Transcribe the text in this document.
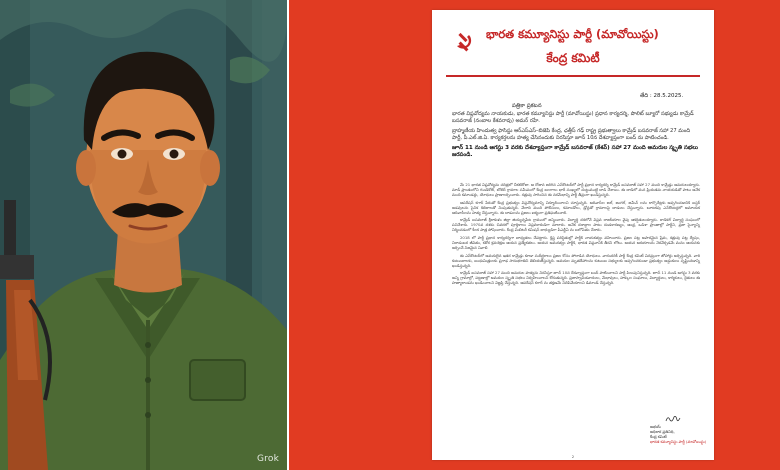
Grok
భారత కమ్యూనిస్టు పార్టీ (మావోయిస్టు)
కేంద్ర కమిటీ
తేది : 28.5.2025.
పత్రికా ప్రకటన

భారత విప్లవోద్యమ నాయకుడు, భారత కమ్యూనిస్టు పార్టీ (మావోయిస్టు) ప్రధాన కార్యదర్శి, పొలిట్ బ్యూరో సభ్యుడు కామ్రేడ్ బసవరాజ్ (నంబాల కేశవరావు) అమర్ రహే.

బ్రాహ్మణీయ హిందుత్వ ఫాసిస్టు ఆర్ఎస్ఎస్–బిజెపి కేంద్ర, ఛత్తీస్ గఢ్ రాష్ట్ర ప్రభుత్వాలు కామ్రేడ్ బసవరాజ్ సహా 27 మంది పార్టీ, పీ.ఎల్.జి.ఏ. కార్యకర్తలను హత్య చేసినందుకు నిరసిస్తూ జూన్ 10న దేశవ్యాప్తంగా బంద్ ను పాటించండి.

జూన్ 11 నుండి ఆగస్టు 3 వరకు దేశవ్యాప్తంగా కామ్రేడ్ బసవరాజ్ (కేశవ్) సహా 27 మంది అమరుల స్మృతి సభలు జరపండి.

మే 21 భారత విప్లవోద్యమ చరిత్రలో చీకటిరోజు. ఆ రోజున జరిగిన ఎన్‌కౌంటర్‌లో పార్టీ ప్రధాన కార్యదర్శి కామ్రేడ్ బసవరాజ్ సహా 27 మంది కామ్రేడ్లు అమరులయ్యారు. మాడ్ ప్రాంతంలోని గుండెకోట్, బోటెర్ గ్రామాల సమీపంలో కేంద్ర బలగాలు భారీ సంఖ్యలో చుట్టుముట్టి దాడి చేశాయి. ఈ దాడిలో మన ప్రియతమ నాయకుడితో పాటు అనేక మంది కమాండర్లు, యోధులు ప్రాణాలర్పించారు. శత్రువు సాగించిన ఈ నరమేధాన్ని పార్టీ తీవ్రంగా ఖండిస్తున్నది.

ఆపరేషన్ కగార్ పేరుతో కేంద్ర ప్రభుత్వం విప్లవోద్యమాన్ని నిర్మూలించాలని చూస్తున్నది. ఆదివాసీల జల్, జంగల్, జమీన్ లను కార్పొరేట్లకు అప్పగించడానికి బస్తర్ అడవులను సైనిక శిబిరాలతో నింపుతున్నది. వేలాది మంది పోలీసులు, కమాండోలు, డ్రోన్లతో గ్రామాలపై దాడులు చేస్తున్నారు. బూటకపు ఎన్‌కౌంటర్లలో అమాయక ఆదివాసీలను హత్య చేస్తున్నారు. ఈ దాడులను ప్రజలు ఐక్యంగా ప్రతిఘటించాలి.

కామ్రేడ్ బసవరాజ్ శ్రీకాకుళం జిల్లా జియ్యన్నపేట గ్రామంలో జన్మించారు. విద్యార్థి దశలోనే విప్లవ రాజకీయాల వైపు ఆకర్షితులయ్యారు. రాడికల్ విద్యార్థి సంఘంలో పనిచేశారు. 1970వ దశకం చివరలో పూర్తికాలం విప్లవకారుడిగా మారారు. అనేక దశాబ్దాల పాటు దండకారణ్యం, ఆంధ్ర, ఒడిశా ప్రాంతాల్లో పార్టీని, ప్రజా సైన్యాన్ని నిర్మించడంలో కీలక పాత్ర పోషించారు. కేంద్ర మిలిటరీ కమిషన్ బాధ్యుడిగా పీఎల్జీఏ ను బలోపేతం చేశారు.

2018 లో పార్టీ ప్రధాన కార్యదర్శిగా బాధ్యతలు చేపట్టారు. క్లిష్ట పరిస్థితుల్లో పార్టీకి నాయకత్వం వహించారు. ప్రజల పట్ల అపారమైన ప్రేమ, శత్రువు పట్ల ద్వేషం, నిరాడంబర జీవితం, కఠోర క్రమశిక్షణ ఆయన ప్రత్యేకతలు. ఆయన అమరత్వం పార్టీకి, భారత విప్లవానికి తీరని లోటు. ఆయన ఆశయాలను నెరవేర్చడమే మనం ఆయనకు అర్పించే నిజమైన నివాళి.

ఈ ఎన్‌కౌంటర్‌లో అమరులైన ఇతర కామ్రేడ్లు కూడా సుదీర్ఘకాలం ప్రజల కోసం పోరాడిన యోధులు. వారందరికీ పార్టీ కేంద్ర కమిటీ వినమ్రంగా జోహార్లు అర్పిస్తున్నది. వారి కుటుంబాలకు, బంధుమిత్రులకు ప్రగాఢ సానుభూతిని తెలియజేస్తున్నది. అమరుల మృతదేహాలను కుటుంబ సభ్యులకు అప్పగించకుండా ప్రభుత్వం అడ్డంకులు సృష్టించడాన్ని ఖండిస్తున్నది.

కామ్రేడ్ బసవరాజ్ సహా 27 మంది అమరుల హత్యను నిరసిస్తూ జూన్ 10న దేశవ్యాప్తంగా బంద్ పాటించాలని పార్టీ పిలుపునిస్తున్నది. జూన్ 11 నుండి ఆగస్టు 3 వరకు అన్ని గ్రామాల్లో, పట్టణాల్లో అమరుల స్మృతి సభలు నిర్వహించాలని కోరుతున్నది. ప్రజాస్వామికవాదులు, మేధావులు, హక్కుల సంఘాలు, విద్యార్థులు, కార్మికులు, రైతులు ఈ హత్యాకాండను ఖండించాలని విజ్ఞప్తి చేస్తున్నది. ఆపరేషన్ కగార్ ను తక్షణమే నిలిపివేయాలని డిమాండ్ చేస్తున్నది.

అభయ్
అధికార ప్రతినిధి,
కేంద్ర కమిటీ
భారత కమ్యూనిస్టు పార్టీ (మావోయిస్టు)
2
